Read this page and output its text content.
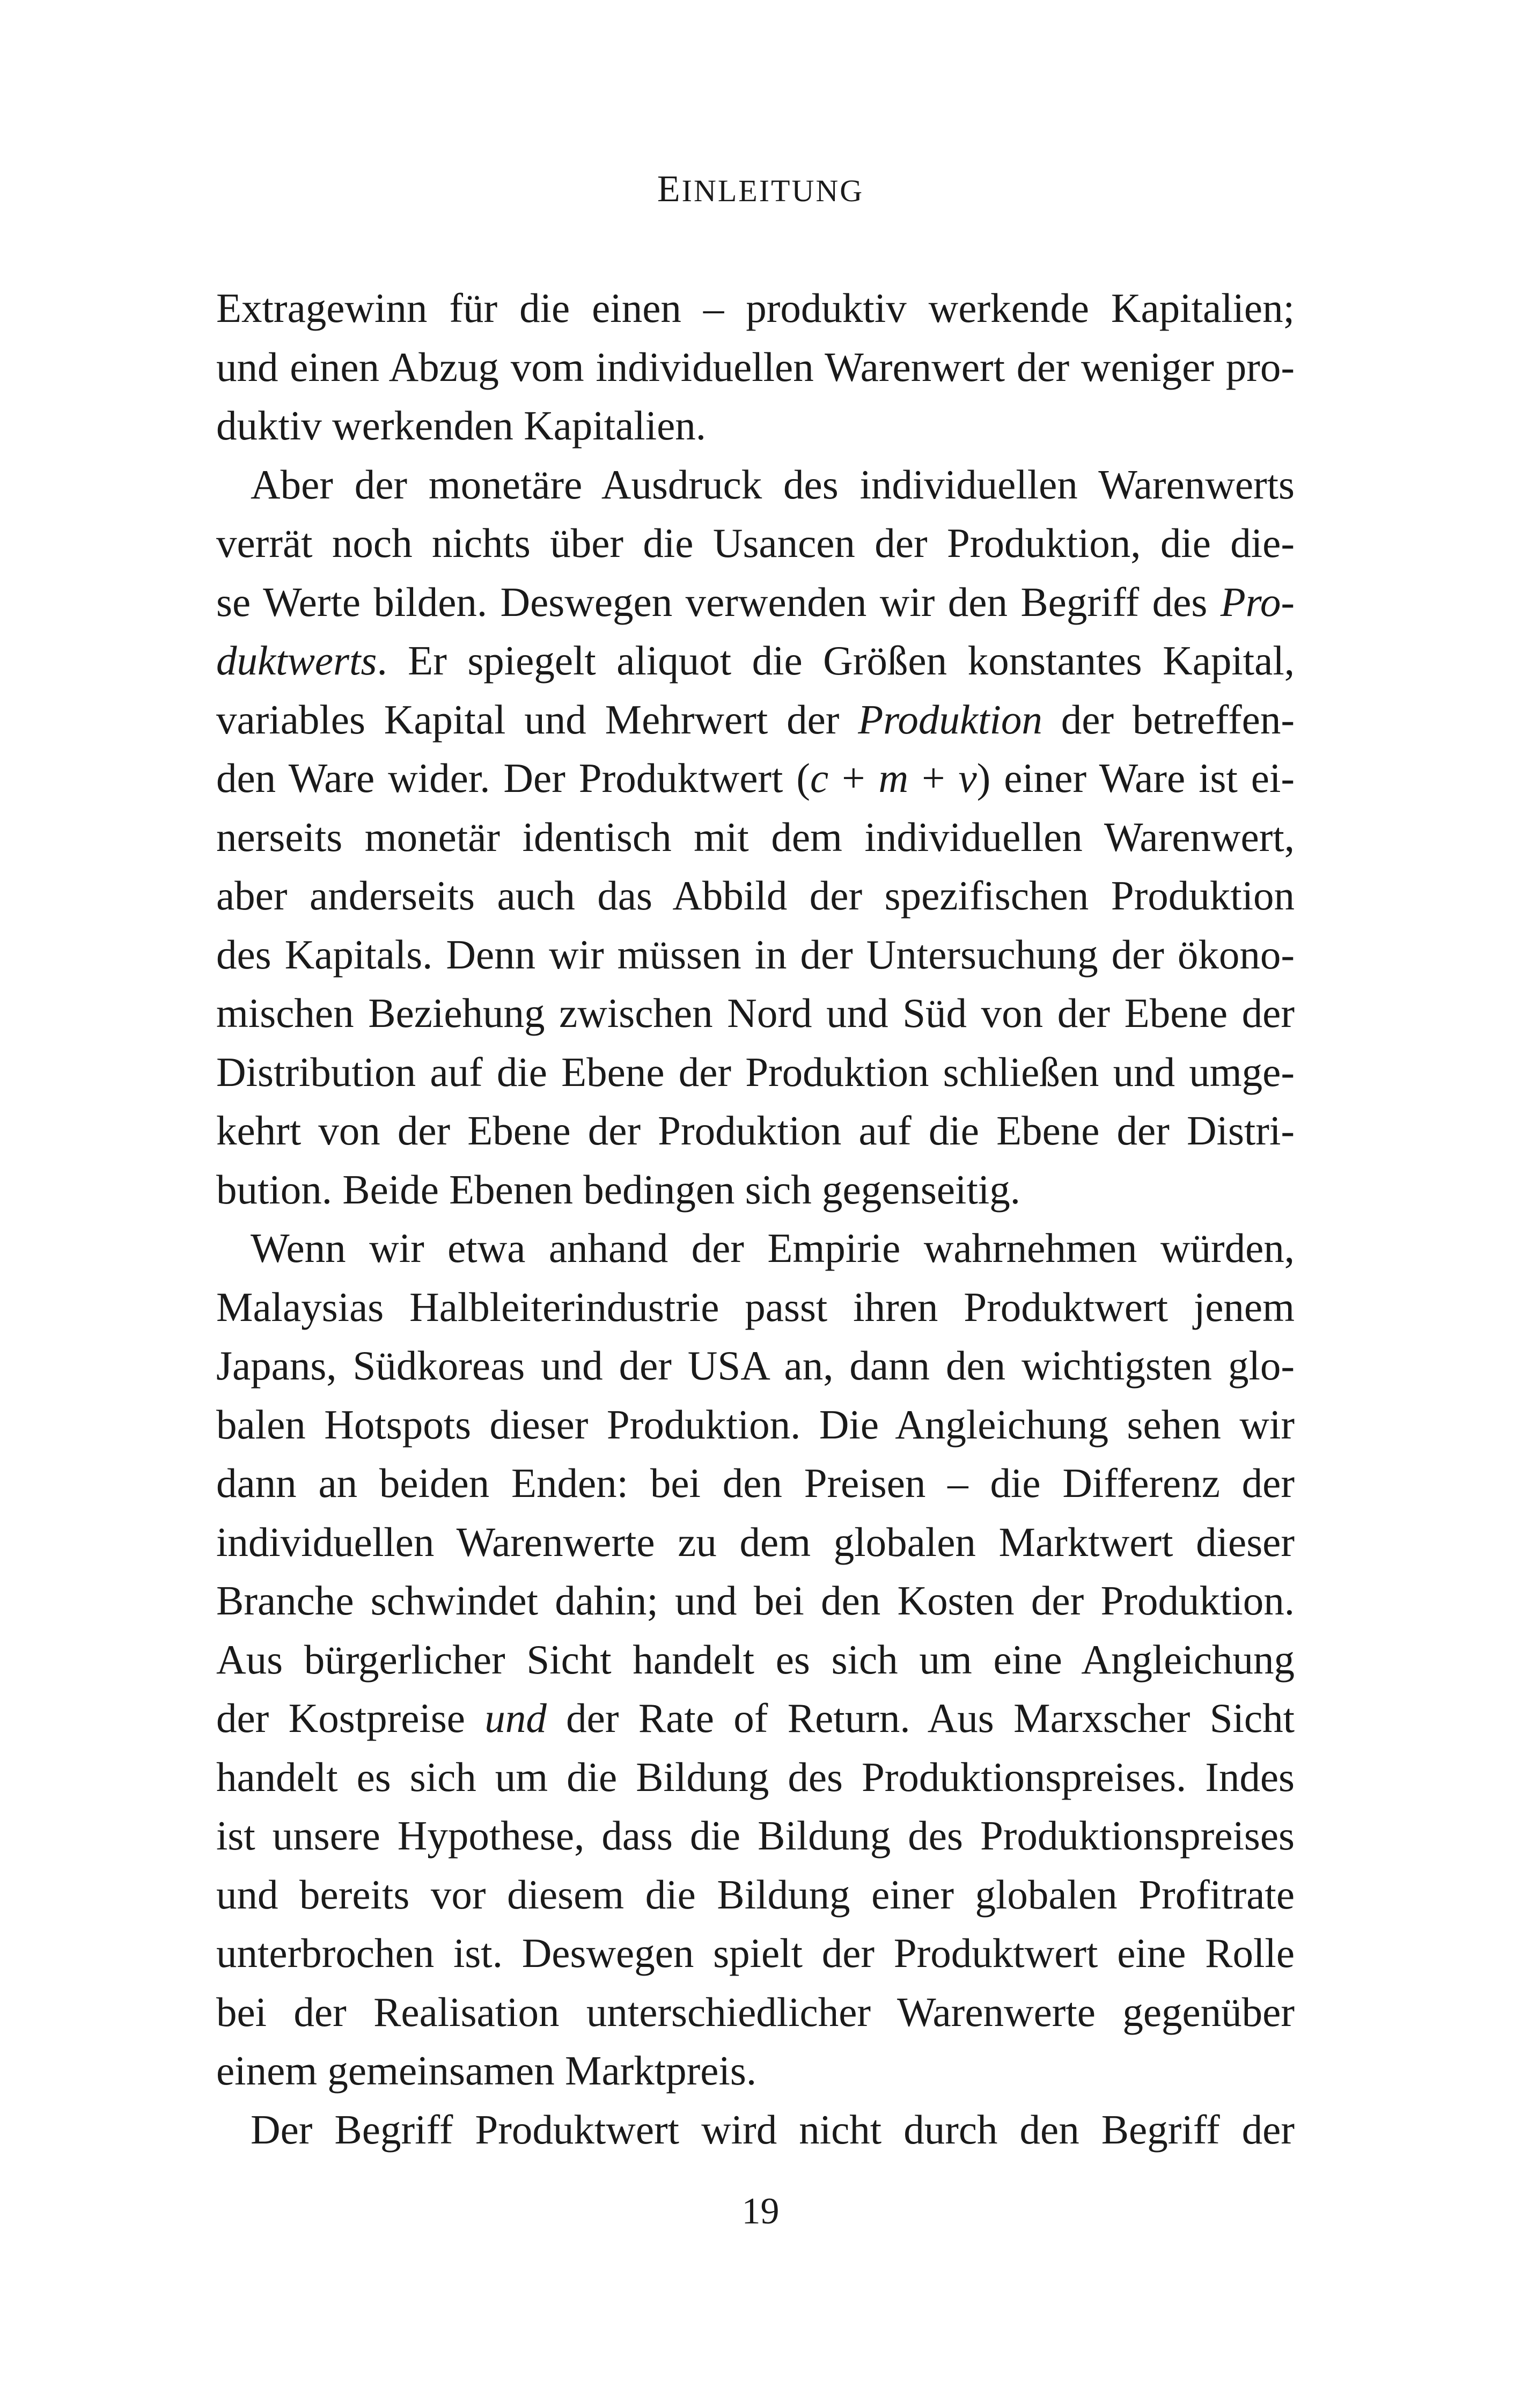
EINLEITUNG
Extragewinn für die einen – produktiv werkende Kapitalien;
und einen Abzug vom individuellen Warenwert der weniger pro-
duktiv werkenden Kapitalien.
Aber der monetäre Ausdruck des individuellen Warenwerts
verrät noch nichts über die Usancen der Produktion, die die-
se Werte bilden. Deswegen verwenden wir den Begriff des Pro-
duktwerts. Er spiegelt aliquot die Größen konstantes Kapital,
variables Kapital und Mehrwert der Produktion der betreffen-
den Ware wider. Der Produktwert (c + m + v) einer Ware ist ei-
nerseits monetär identisch mit dem individuellen Warenwert,
aber anderseits auch das Abbild der spezifischen Produktion
des Kapitals. Denn wir müssen in der Untersuchung der ökono-
mischen Beziehung zwischen Nord und Süd von der Ebene der
Distribution auf die Ebene der Produktion schließen und umge-
kehrt von der Ebene der Produktion auf die Ebene der Distri-
bution. Beide Ebenen bedingen sich gegenseitig.
Wenn wir etwa anhand der Empirie wahrnehmen würden,
Malaysias Halbleiterindustrie passt ihren Produktwert jenem
Japans, Südkoreas und der USA an, dann den wichtigsten glo-
balen Hotspots dieser Produktion. Die Angleichung sehen wir
dann an beiden Enden: bei den Preisen – die Differenz der
individuellen Warenwerte zu dem globalen Marktwert dieser
Branche schwindet dahin; und bei den Kosten der Produktion.
Aus bürgerlicher Sicht handelt es sich um eine Angleichung
der Kostpreise und der Rate of Return. Aus Marxscher Sicht
handelt es sich um die Bildung des Produktionspreises. Indes
ist unsere Hypothese, dass die Bildung des Produktionspreises
und bereits vor diesem die Bildung einer globalen Profitrate
unterbrochen ist. Deswegen spielt der Produktwert eine Rolle
bei der Realisation unterschiedlicher Warenwerte gegenüber
einem gemeinsamen Marktpreis.
Der Begriff Produktwert wird nicht durch den Begriff der
19
